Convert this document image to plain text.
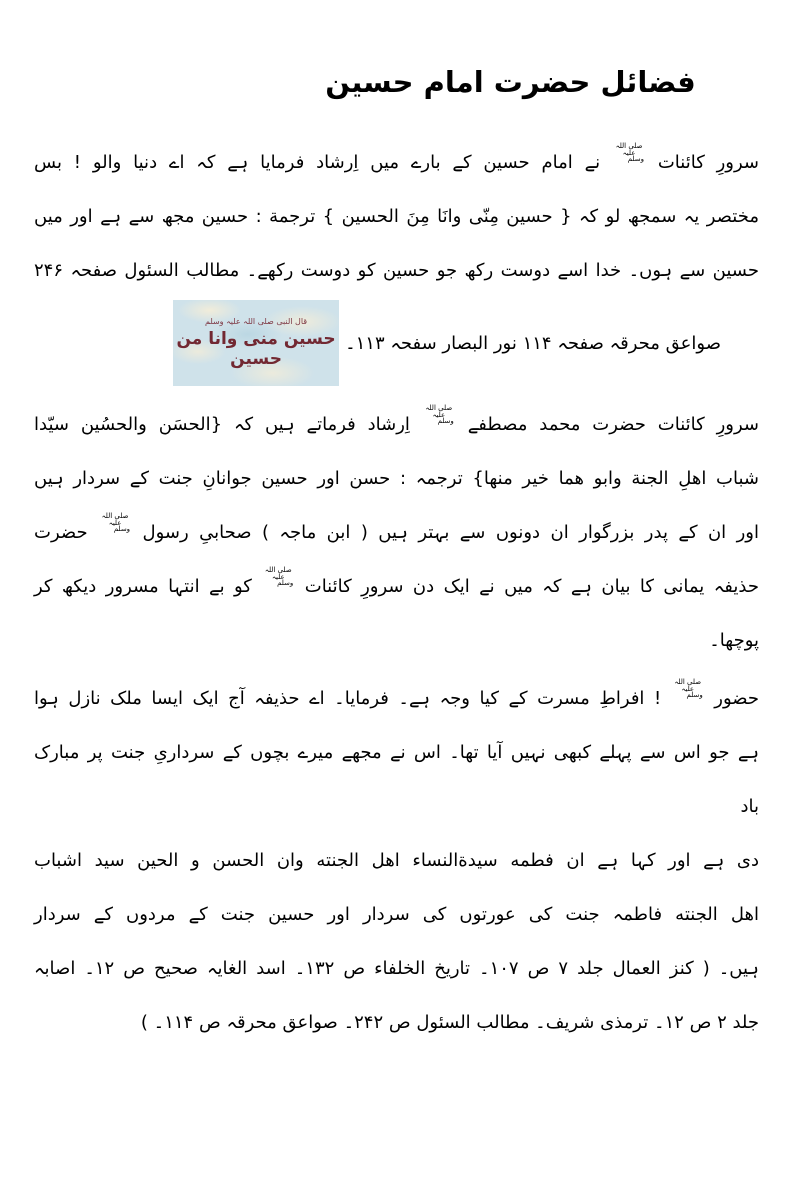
فضائل حضرت امام حسین
سرورِ کائنات صلی اللہ علیہ وسلم نے امام حسین کے بارے میں اِرشاد فرمایا ہے کہ اے دنیا والو ! بس
مختصر یہ سمجھ لو کہ { حسین مِنّی وانَا مِنَ الحسین } ترجمة : حسین مجھ سے ہے اور میں
حسین سے ہوں۔ خدا اسے دوست رکھ جو حسین کو دوست رکھے۔ مطالب السئول صفحہ ۲۴۶
صواعق محرقہ صفحہ ۱۱۴ نور البصار سفحہ ۱۱۳۔
قال النبی صلی اللہ علیہ وسلم
حسین منی وانا من حسین
سرورِ کائنات حضرت محمد مصطفے صلی اللہ علیہ وسلم اِرشاد فرماتے ہیں کہ {الحسَن والحسُین سیّدا
شباب اهلِ الجنة وابو هما خیر منها} ترجمہ : حسن اور حسین جوانانِ جنت کے سردار ہیں
اور ان کے پدر بزرگوار ان دونوں سے بہتر ہیں ( ابن ماجہ ) صحابیِ رسول صلی اللہ علیہ وسلم حضرت
حذیفہ یمانی کا بیان ہے کہ میں نے ایک دن سرورِ کائنات صلی اللہ علیہ وسلم کو بے انتہا مسرور دیکھ کر
پوچھا۔
حضور صلی اللہ علیہ وسلم ! افراطِ مسرت کے کیا وجہ ہے۔ فرمایا۔ اے حذیفہ آج ایک ایسا ملک نازل ہوا
ہے جو اس سے پہلے کبھی نہیں آیا تھا۔ اس نے مجھے میرے بچوں کے سرداریِ جنت پر مبارک
باد
دی ہے اور کہا ہے ان فطمه سیدةالنساء اهل الجنته وان الحسن و الحين سيد اشباب
اهل الجنته فاطمہ جنت کی عورتوں کی سردار اور حسین جنت کے مردوں کے سردار
ہیں۔ ( کنز العمال جلد ۷ ص ۱۰۷۔ تاریخ الخلفاء ص ۱۳۲۔ اسد الغایہ صحیح ص ۱۲۔ اصابہ
جلد ۲ ص ۱۲۔ ترمذی شریف۔ مطالب السئول ص ۲۴۲۔ صواعق محرقہ ص ۱۱۴۔ )
